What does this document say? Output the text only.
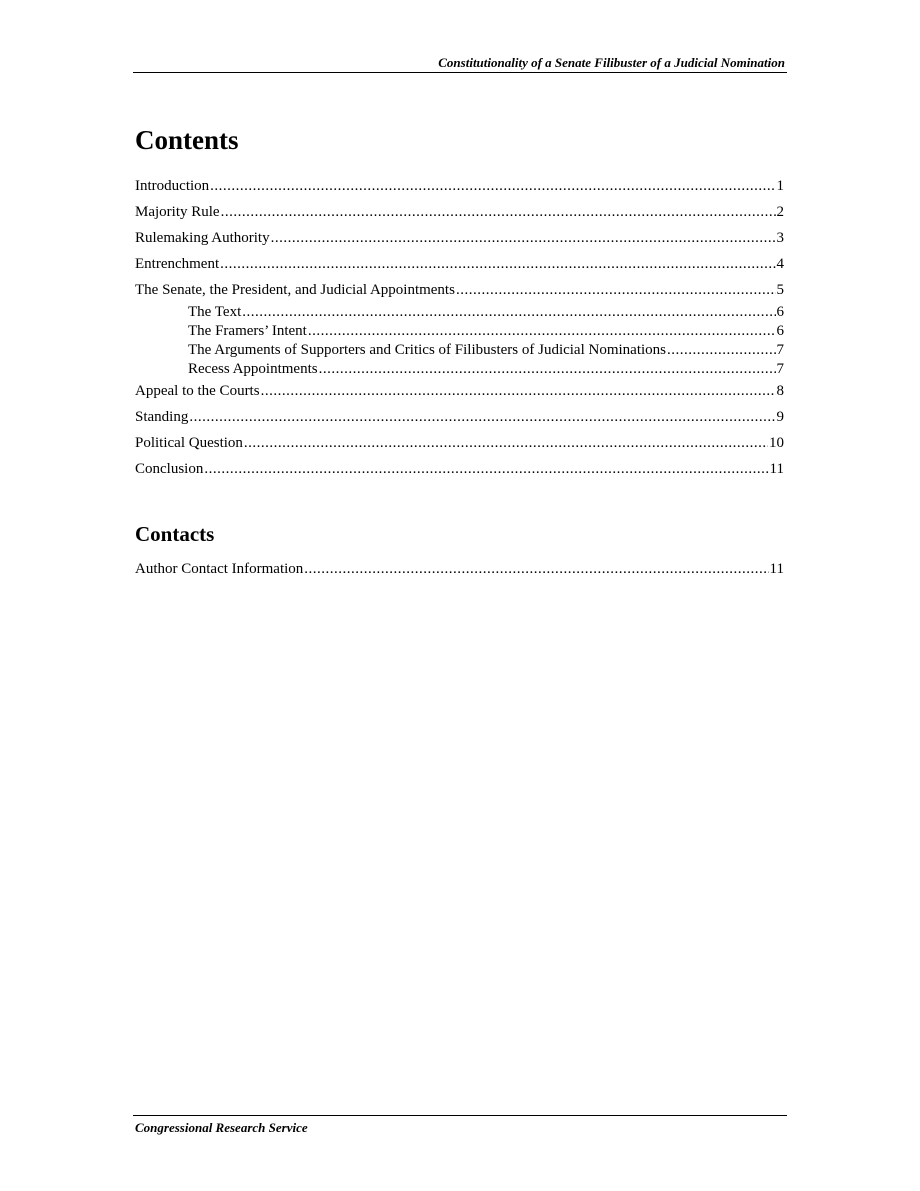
Constitutionality of a Senate Filibuster of a Judicial Nomination
Contents
Introduction .....	1
Majority Rule .....	2
Rulemaking Authority .....	3
Entrenchment .....	4
The Senate, the President, and Judicial Appointments .....	5
The Text .....	6
The Framers’ Intent .....	6
The Arguments of Supporters and Critics of Filibusters of Judicial Nominations .....	7
Recess Appointments .....	7
Appeal to the Courts .....	8
Standing .....	9
Political Question .....	10
Conclusion .....	11
Contacts
Author Contact Information .....	11
Congressional Research Service
